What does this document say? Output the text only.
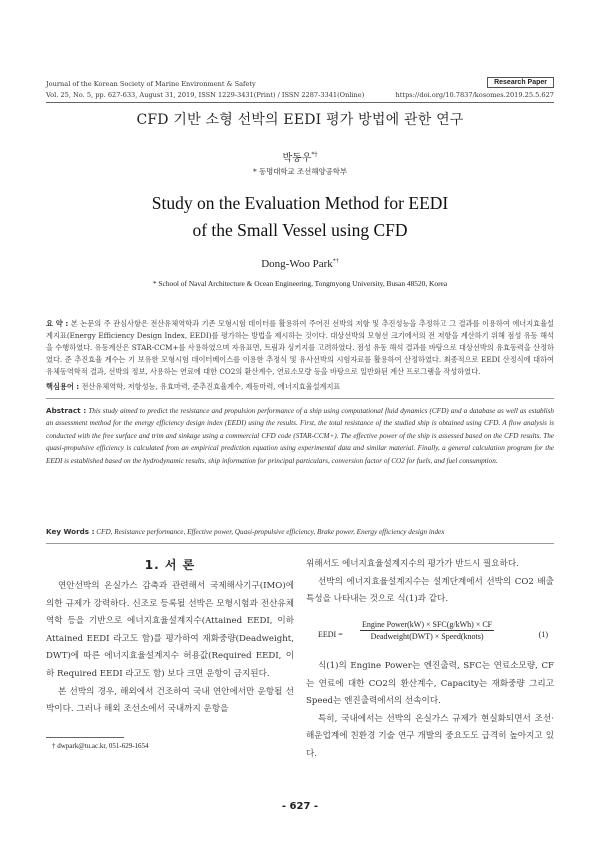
Journal of the Korean Society of Marine Environment & Safety	Research Paper
Vol. 25, No. 5, pp. 627-633, August 31, 2019, ISSN 1229-3431(Print) / ISSN 2287-3341(Online)	https://doi.org/10.7837/kosomes.2019.25.5.627
CFD 기반 소형 선박의 EEDI 평가 방법에 관한 연구
박동우*†
* 동명대학교 조선해양공학부
Study on the Evaluation Method for EEDI
of the Small Vessel using CFD
Dong-Woo Park*†
* School of Naval Architecture & Ocean Engineering, Tongmyong University, Busan 48520, Korea
요 약 : 본 논문의 주 관심사항은 전산유체역학과 기존 모형시험 데이터를 활용하여 주어진 선박의 저항 및 추진성능을 추정하고 그 결과를 이용하여 에너지효율설계지표(Energy Efficiency Design Index, EEDI)를 평가하는 방법을 제시하는 것이다. 대상선박의 모형선 크기에서의 전 저항을 계산하기 위해 점성 유동 해석을 수행하였다. 유동계산은 STAR-CCM+를 사용하였으며 자유표면, 트림과 싱키지를 고려하였다. 점성 유동 해석 결과를 바탕으로 대상선박의 유효동력을 산정하였다. 준 추진효율 계수는 기 보유한 모형시험 데이터베이스를 이용한 추정식 및 유사선박의 시험자료를 활용하여 산정하였다. 최종적으로 EEDI 산정식에 대하여 유체동역학적 결과, 선박의 정보, 사용하는 연료에 대한 CO2의 환산계수, 연료소모량 등을 바탕으로 일반화된 계산 프로그램을 작성하였다.
핵심용어 : 전산유체역학, 저항성능, 유효마력, 준추진효율계수, 제동마력, 에너지효율설계지표
Abstract : This study aimed to predict the resistance and propulsion performance of a ship using computational fluid dynamics (CFD) and a database as well as establish an assessment method for the energy efficiency design index (EEDI) using the results. First, the total resistance of the studied ship is obtained using CFD. A flow analysis is conducted with the free surface and trim and sinkage using a commercial CFD code (STAR-CCM+). The effective power of the ship is assessed based on the CFD results. The quasi-propulsive efficiency is calculated from an empirical prediction equation using experimental data and similar material. Finally, a general calculation program for the EEDI is established based on the hydrodynamic results, ship information for principal particulars, conversion factor of CO2 for fuels, and fuel consumption.
Key Words : CFD, Resistance performance, Effective power, Quasi-propulsive efficiency, Brake power, Energy efficiency design index
1. 서 론

연안선박의 온실가스 감축과 관련해서 국제해사기구(IMO)에 의한 규제가 강력하다. 신조로 등록될 선박은 모형시험과 전산유체역학 등을 기반으로 에너지효율설계지수(Attained EEDI, 이하 Attained EEDI 라고도 함)를 평가하여 재화중량(Deadweight, DWT)에 따른 에너지효율설계지수 허용값(Required EEDI, 이하 Required EEDI 라고도 함) 보다 크면 운항이 금지된다.

본 선박의 경우, 해외에서 건조하여 국내 연안에서만 운항될 선박이다. 그러나 해외 조선소에서 국내까지 운항을

† dwpark@tu.ac.kr, 051-629-1654

위해서도 에너지효율설계지수의 평가가 반드시 필요하다.

선박의 에너지효율설계지수는 설계단계에서 선박의 CO2 배출특성을 나타내는 것으로 식(1)과 같다.

EEDI =
Engine Power(kW) × SFC(g/kWh) × CF
Deadweight(DWT) × Speed(knots)	(1)

식(1)의 Engine Power는 엔진출력, SFC는 연료소모량, CF는 연료에 대한 CO2의 환산계수, Capacity는 재화중량 그리고 Speed는 엔진출력에서의 선속이다.

특히, 국내에서는 선박의 온실가스 규제가 현실화되면서 조선·해운업계에 친환경 기술 연구 개발의 중요도도 급격히 높아지고 있다.

- 627 -
